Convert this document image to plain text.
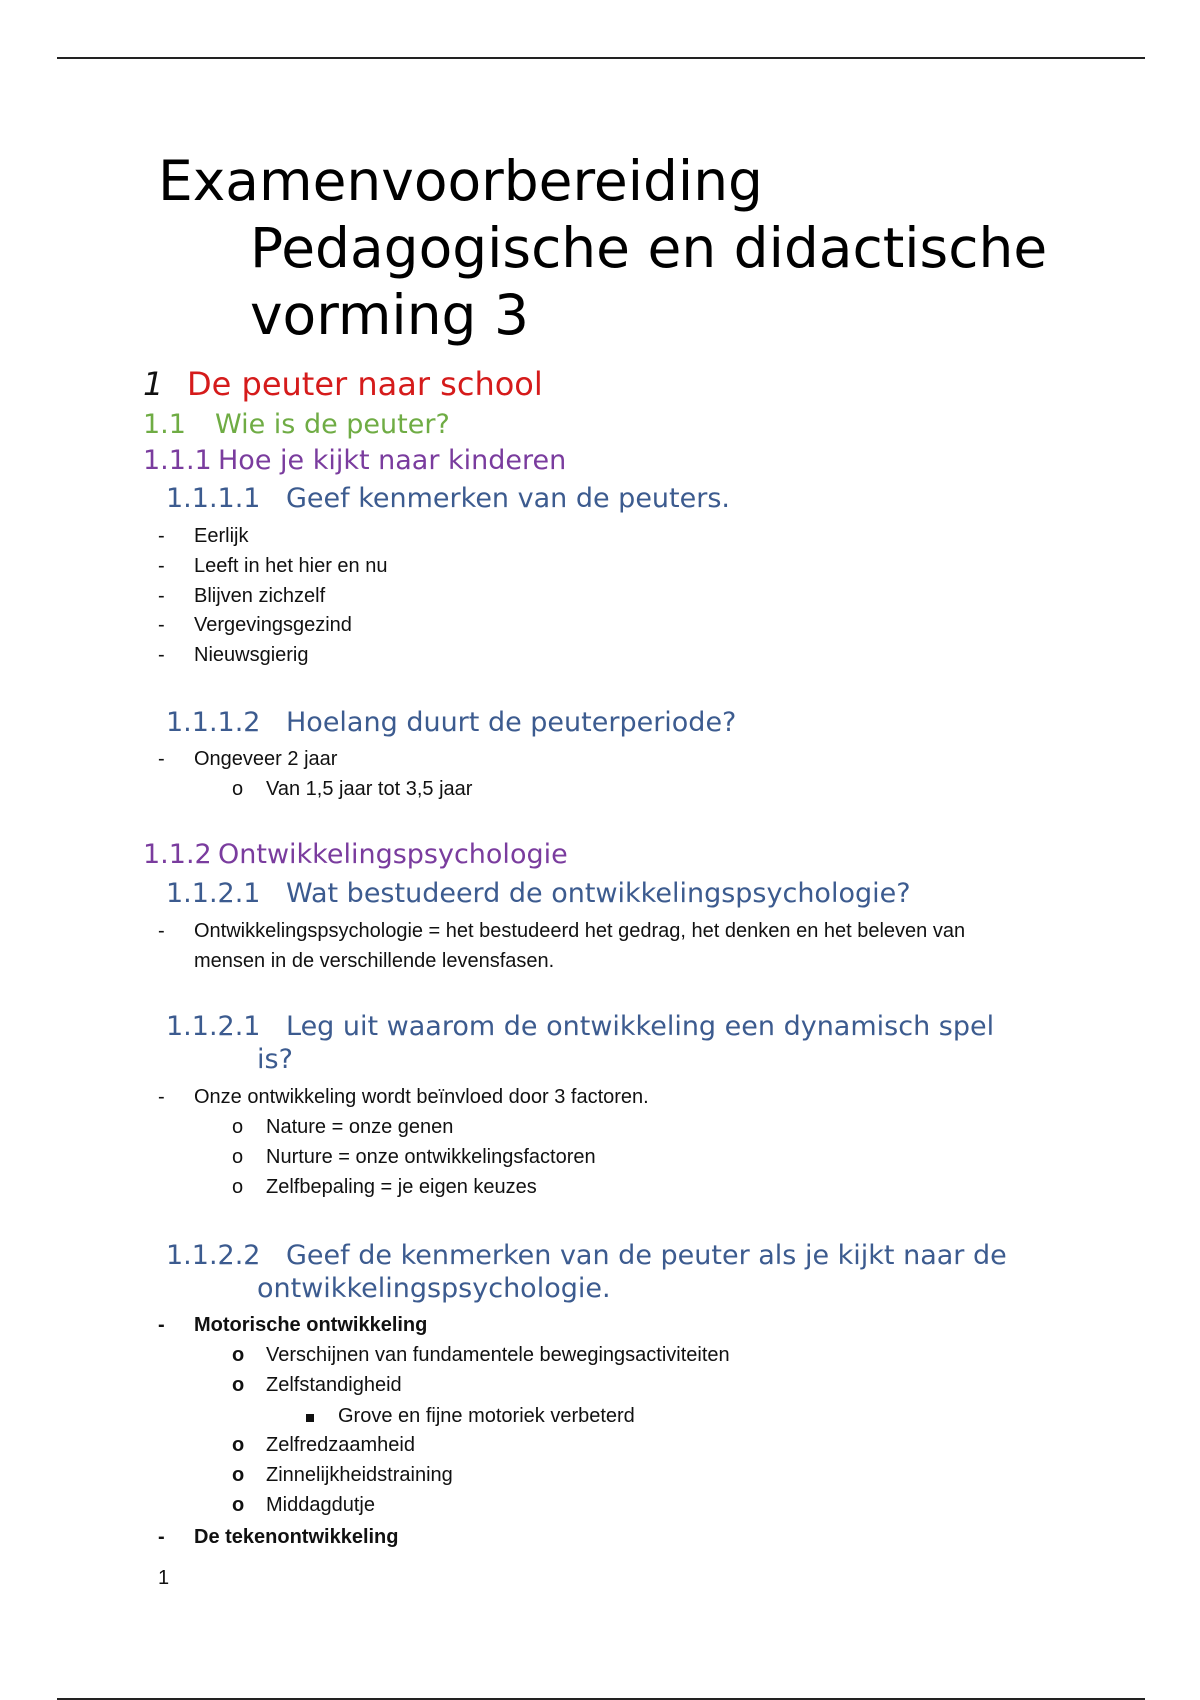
Examenvoorbereiding
Pedagogische en didactische
vorming 3
1 De peuter naar school
1.1 Wie is de peuter?
1.1.1 Hoe je kijkt naar kinderen
1.1.1.1 Geef kenmerken van de peuters.
-	Eerlijk
-	Leeft in het hier en nu
-	Blijven zichzelf
-	Vergevingsgezind
-	Nieuwsgierig
1.1.1.2 Hoelang duurt de peuterperiode?
-	Ongeveer 2 jaar
o	Van 1,5 jaar tot 3,5 jaar
1.1.2 Ontwikkelingspsychologie
1.1.2.1 Wat bestudeerd de ontwikkelingspsychologie?
-	Ontwikkelingspsychologie = het bestudeerd het gedrag, het denken en het beleven van
mensen in de verschillende levensfasen.
1.1.2.1 Leg uit waarom de ontwikkeling een dynamisch spel
is?
-	Onze ontwikkeling wordt beïnvloed door 3 factoren.
o	Nature = onze genen
o	Nurture = onze ontwikkelingsfactoren
o	Zelfbepaling = je eigen keuzes
1.1.2.2 Geef de kenmerken van de peuter als je kijkt naar de
ontwikkelingspsychologie.
-	Motorische ontwikkeling
o	Verschijnen van fundamentele bewegingsactiviteiten
o	Zelfstandigheid
Grove en fijne motoriek verbeterd
o	Zelfredzaamheid
o	Zinnelijkheidstraining
o	Middagdutje
-	De tekenontwikkeling
1
